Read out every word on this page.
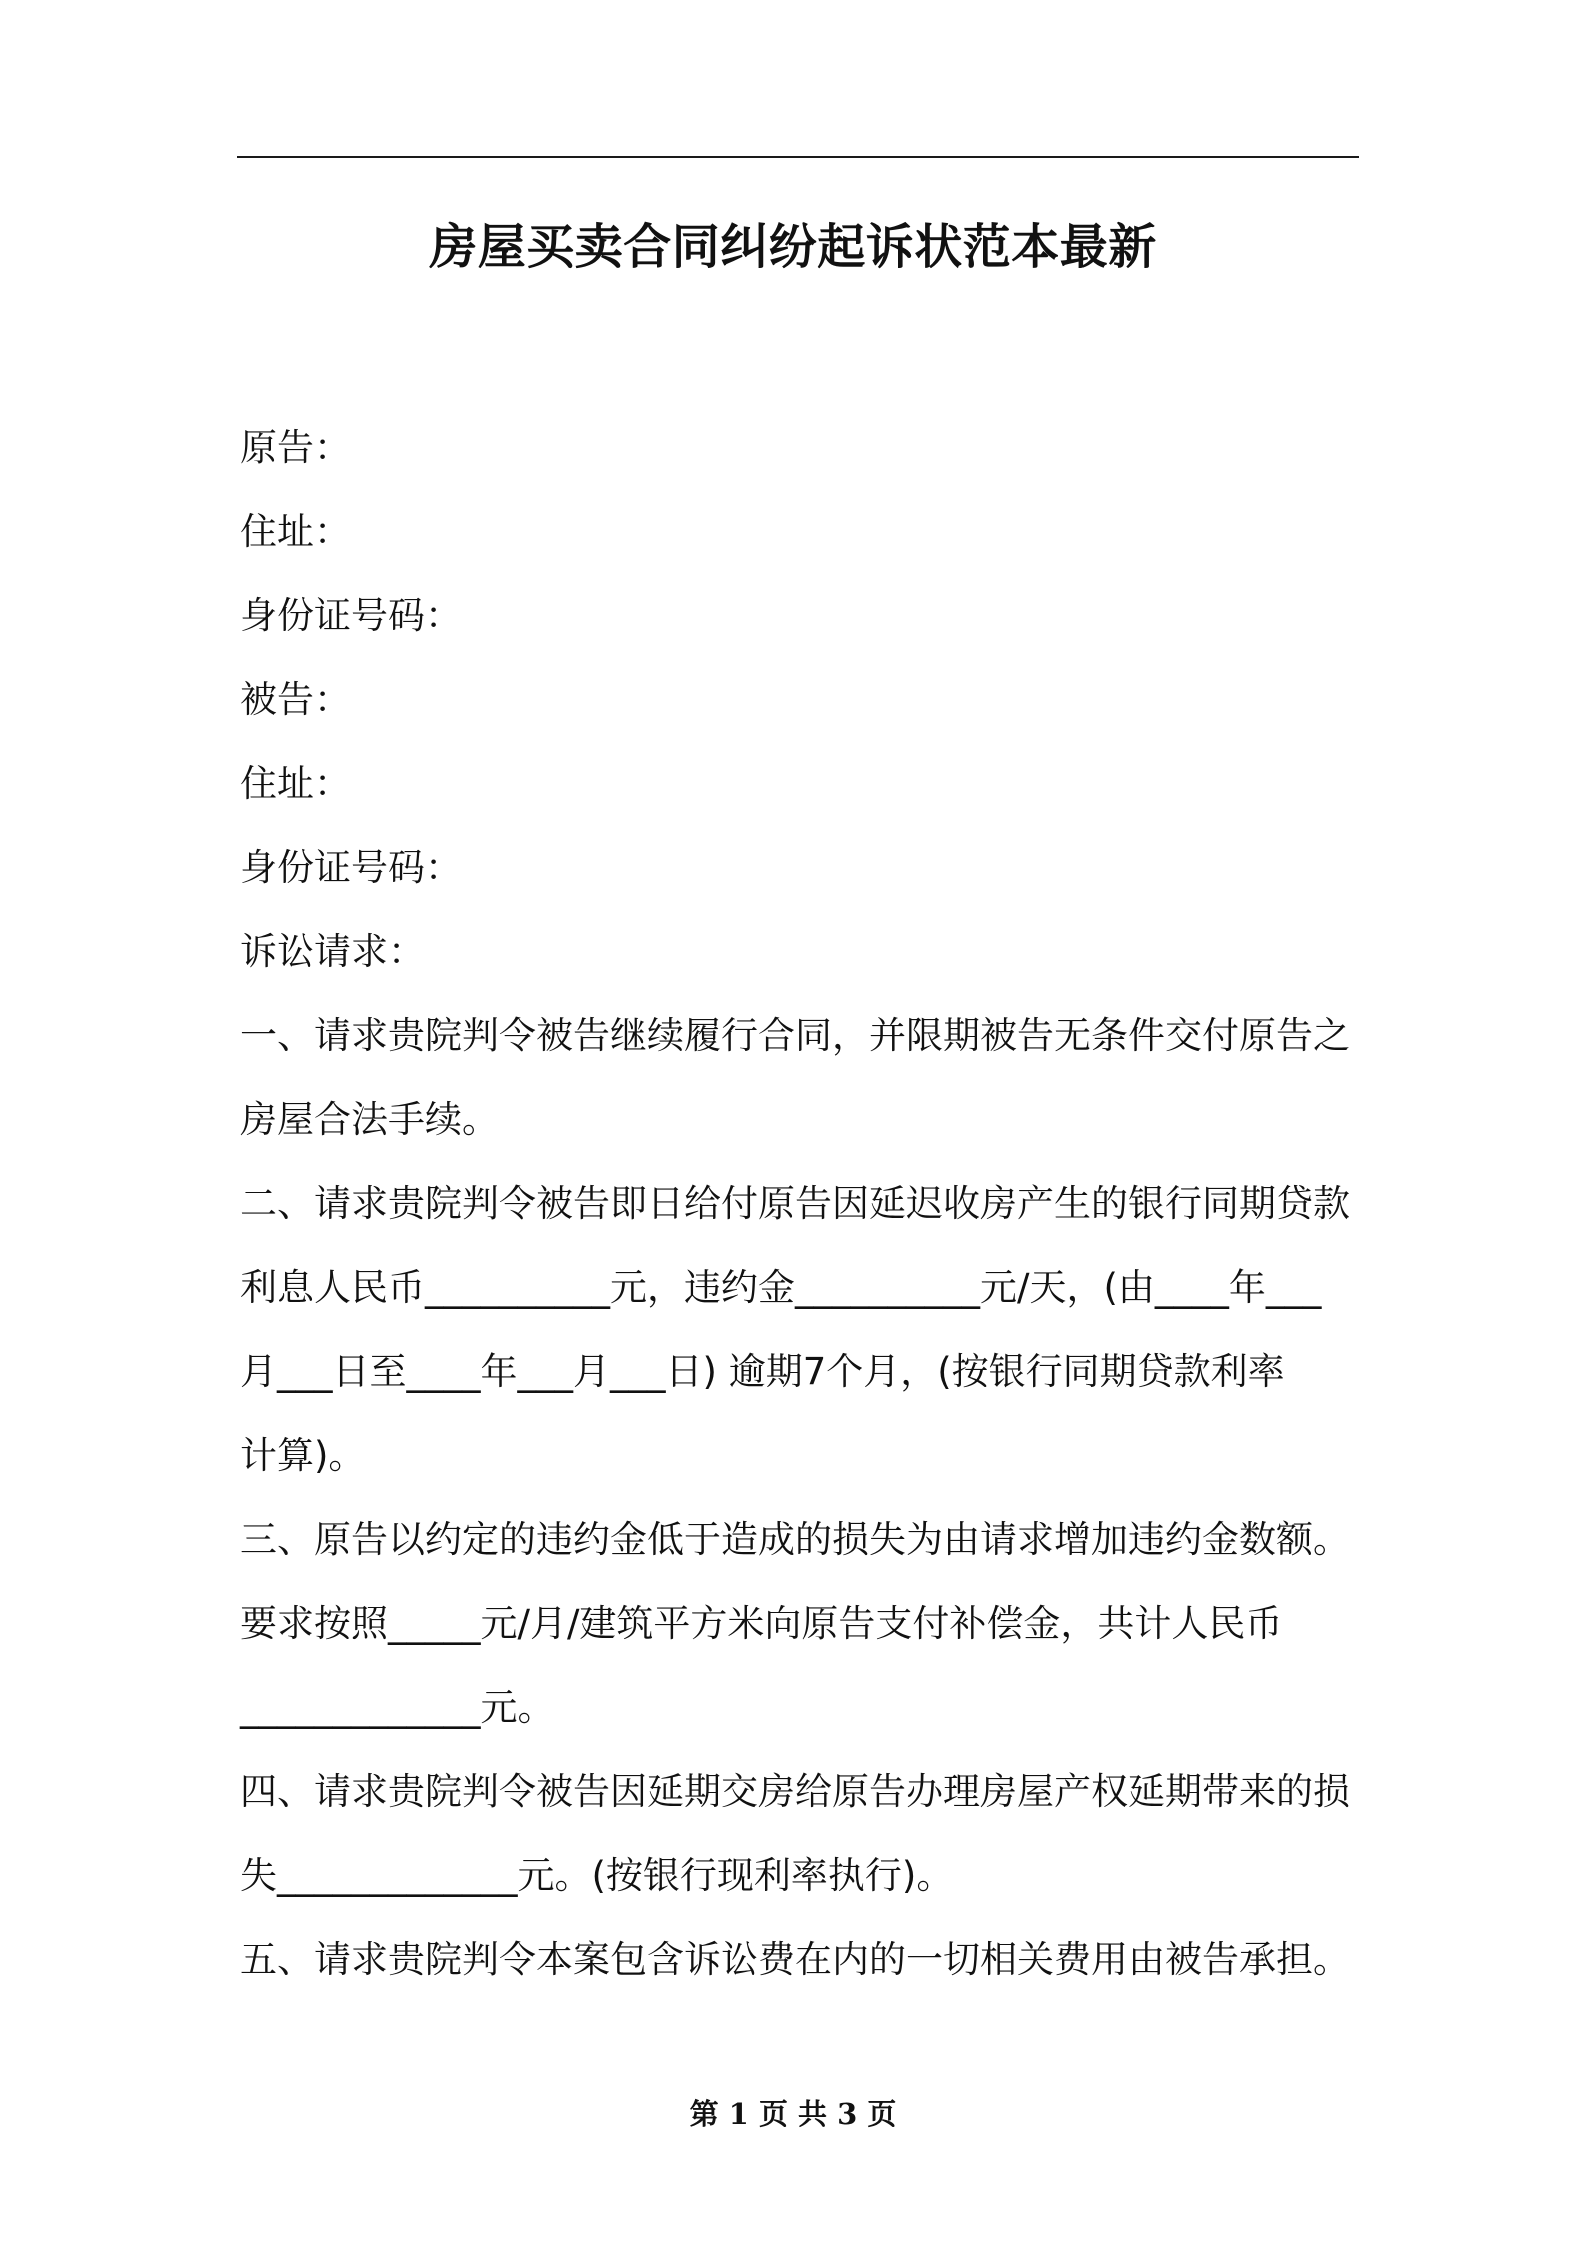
房屋买卖合同纠纷起诉状范本最新

原告：

住址：

身份证号码：

被告：

住址：

身份证号码：

诉讼请求：

一、请求贵院判令被告继续履行合同，并限期被告无条件交付原告之

房屋合法手续。

二、请求贵院判令被告即日给付原告因延迟收房产生的银行同期贷款

利息人民币__________元，违约金__________元/天，(由____年___

月___日至____年___月___日) 逾期7个月，(按银行同期贷款利率

计算)。

三、原告以约定的违约金低于造成的损失为由请求增加违约金数额。

要求按照_____元/月/建筑平方米向原告支付补偿金，共计人民币

_____________元。

四、请求贵院判令被告因延期交房给原告办理房屋产权延期带来的损

失_____________元。(按银行现利率执行)。

五、请求贵院判令本案包含诉讼费在内的一切相关费用由被告承担。

第 1 页 共 3 页
